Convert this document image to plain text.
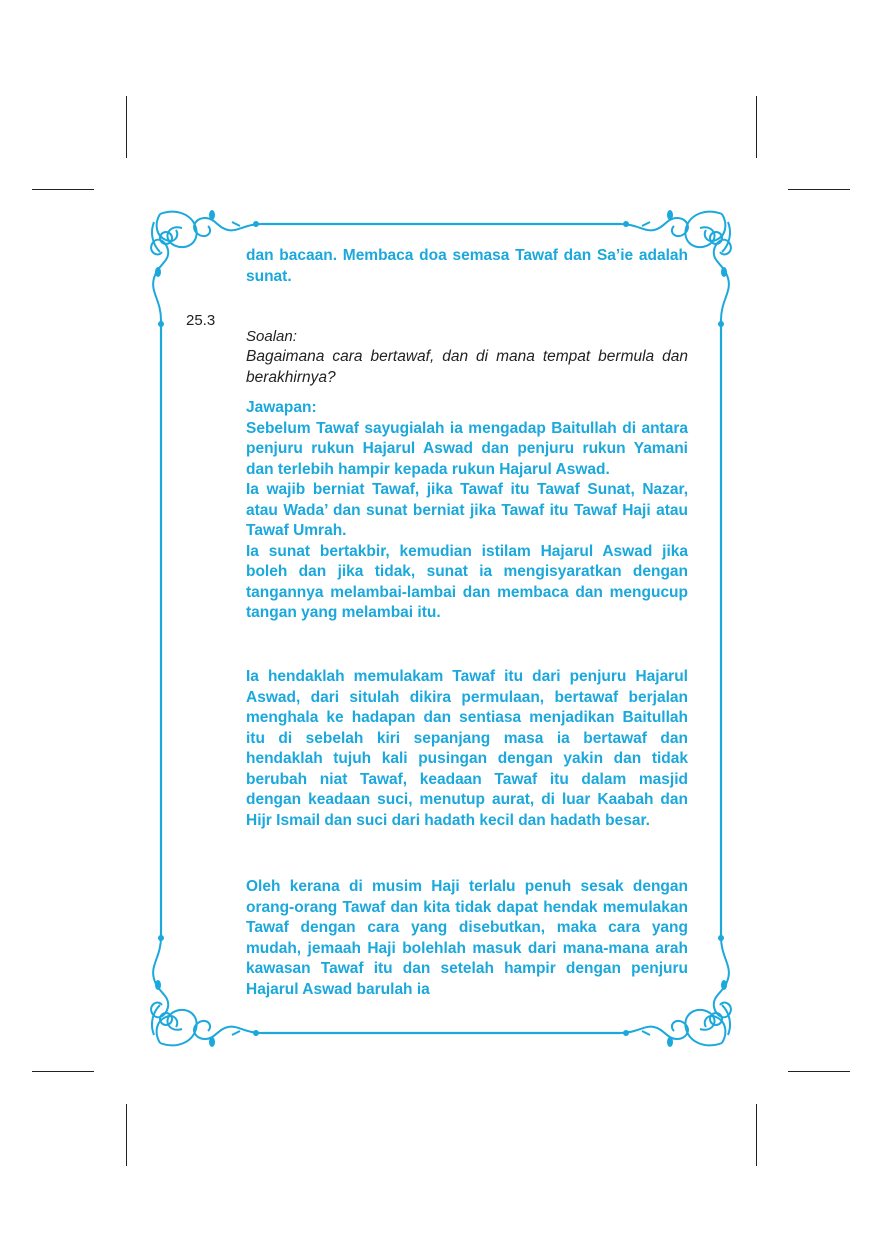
dan bacaan. Membaca doa semasa Tawaf dan Sa’ie adalah sunat.

25.3

Soalan:

Bagaimana cara bertawaf, dan di mana tempat bermula dan berakhirnya?

Jawapan:

Sebelum Tawaf sayugialah ia mengadap Baitullah di antara penjuru rukun Hajarul Aswad dan penjuru rukun Yamani dan terlebih hampir kepada rukun Hajarul Aswad.

Ia wajib berniat Tawaf, jika Tawaf itu Tawaf Sunat, Nazar, atau Wada’ dan sunat berniat jika Tawaf itu Tawaf Haji atau Tawaf Umrah.

Ia sunat bertakbir, kemudian istilam Hajarul Aswad jika boleh dan jika tidak, sunat ia mengisyaratkan dengan tangannya melambai-lambai dan membaca dan mengucup tangan yang melambai itu.

Ia hendaklah memulakam Tawaf itu dari penjuru Hajarul Aswad, dari situlah dikira permulaan, bertawaf berjalan menghala ke hadapan dan sentiasa menjadikan Baitullah itu di sebelah kiri sepanjang masa ia bertawaf dan hendaklah tujuh kali pusingan dengan yakin dan tidak berubah niat Tawaf, keadaan Tawaf itu dalam masjid dengan keadaan suci, menutup aurat, di luar Kaabah dan Hijr Ismail dan suci dari hadath kecil dan hadath besar.

Oleh kerana di musim Haji terlalu penuh sesak dengan orang-orang Tawaf dan kita tidak dapat hendak memulakan Tawaf dengan cara yang disebutkan, maka cara yang mudah, jemaah Haji bolehlah masuk dari mana-mana arah kawasan Tawaf itu dan setelah hampir dengan penjuru Hajarul Aswad barulah ia
